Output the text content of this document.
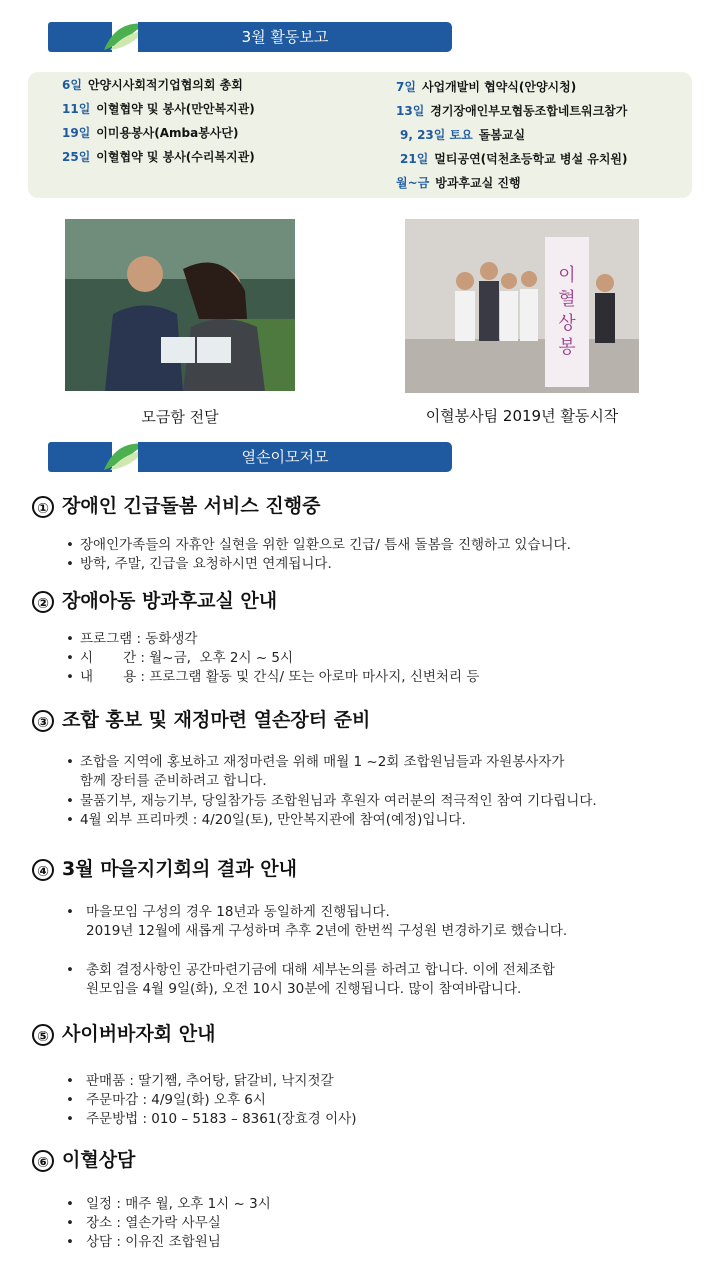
3월 활동보고
6일 안양시사회적기업협의회 총회
11일 이혈협약 및 봉사(만안복지관)
19일 이미용봉사(Amba봉사단)
25일 이혈협약 및 봉사(수리복지관)
7일 사업개발비 협약식(안양시청)
13일 경기장애인부모협동조합네트워크참가
9, 23일 토요 돌봄교실
21일 멀티공연(덕천초등학교 병설 유치원)
월~금 방과후교실 진행
이
혈
상
봉
모금함 전달	이혈봉사팀 2019년 활동시작
열손이모저모
① 장애인 긴급돌봄 서비스 진행중
• 장애인가족들의 자휴안 실현을 위한 일환으로 긴급/ 틈새 돌봄을 진행하고 있습니다.
• 방학, 주말, 긴급을 요청하시면 연계됩니다.
② 장애아동 방과후교실 안내
• 프로그램 : 동화생각
• 시       간 : 월~금,  오후 2시 ~ 5시
• 내       용 : 프로그램 활동 및 간식/ 또는 아로마 마사지, 신변처리 등
③ 조합 홍보 및 재정마련 열손장터 준비
• 조합을 지역에 홍보하고 재정마련을 위해 매월 1 ~2회 조합원님들과 자원봉사자가
함께 장터를 준비하려고 합니다.
• 물품기부, 재능기부, 당일참가등 조합원님과 후원자 여러분의 적극적인 참여 기다립니다.
• 4월 외부 프리마켓 : 4/20일(토), 만안복지관에 참여(예정)입니다.
④ 3월 마을지기회의 결과 안내
• 마을모임 구성의 경우 18년과 동일하게 진행됩니다.
2019년 12월에 새롭게 구성하며 추후 2년에 한번씩 구성원 변경하기로 했습니다.
• 총회 결정사항인 공간마련기금에 대해 세부논의를 하려고 합니다. 이에 전체조합
원모임을 4월 9일(화), 오전 10시 30분에 진행됩니다. 많이 참여바랍니다.
⑤ 사이버바자회 안내
• 판매품 : 딸기쨈, 추어탕, 닭갈비, 낙지젓갈
• 주문마감 : 4/9일(화) 오후 6시
• 주문방법 : 010 – 5183 – 8361(장효경 이사)
⑥ 이혈상담
• 일정 : 매주 월, 오후 1시 ~ 3시
• 장소 : 열손가락 사무실
• 상담 : 이유진 조합원님
